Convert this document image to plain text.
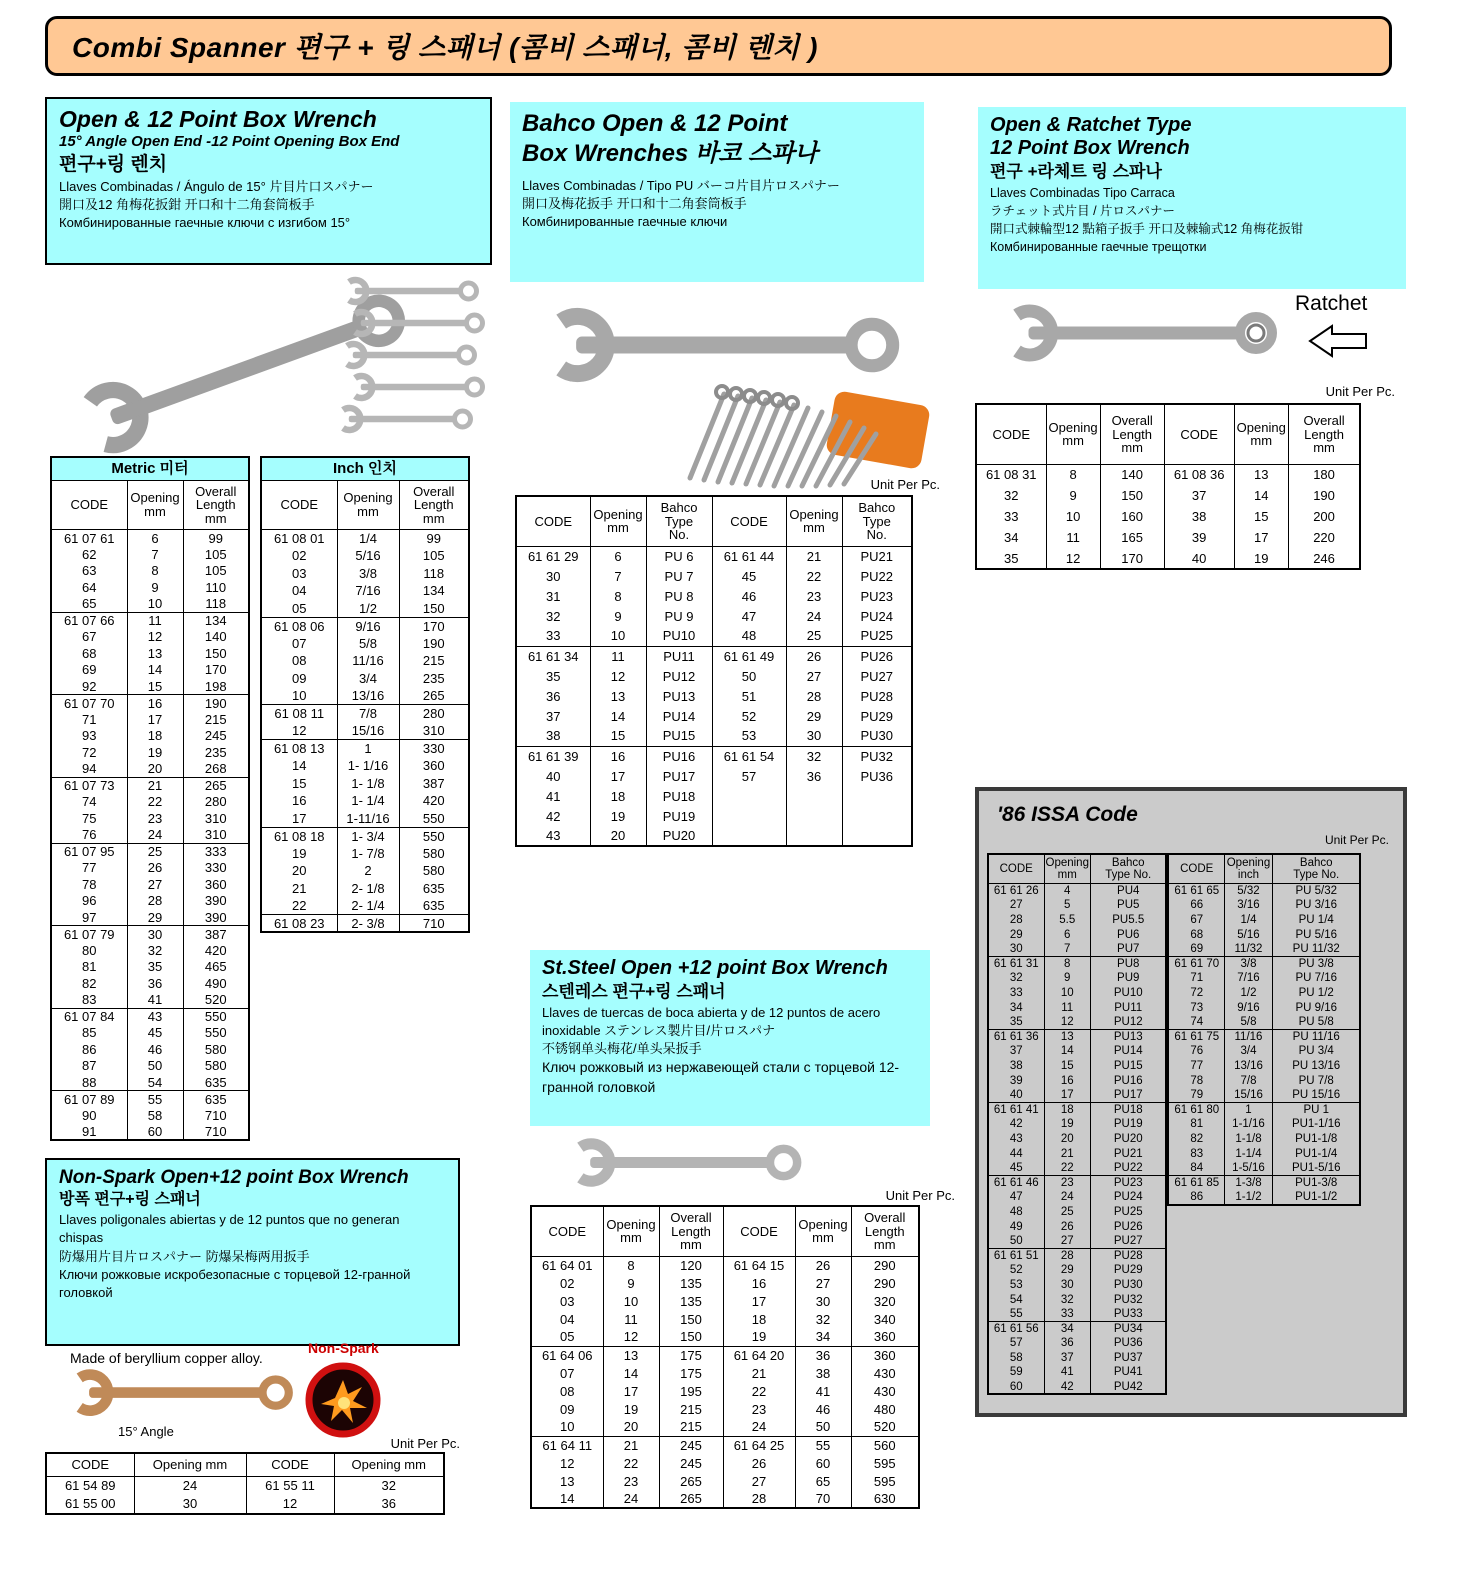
Combi Spanner 편구 + 링 스패너 (콤비 스패너, 콤비 렌치 )
Open & 12 Point Box Wrench
15° Angle Open End -12 Point Opening Box End
편구+링 렌치
Llaves Combinadas / Ángulo de 15° 片目片口スパナー
開口及12 角梅花扳鉗 开口和十二角套筒板手
Комбинированные гаечные ключи с изгибом 15°
Metric 미터		
CODE	Opening
mm	Overall
Length
mm
61 07 61	6	99
62	7	105
63	8	105
64	9	110
65	10	118
61 07 66	11	134
67	12	140
68	13	150
69	14	170
92	15	198
61 07 70	16	190
71	17	215
93	18	245
72	19	235
94	20	268
61 07 73	21	265
74	22	280
75	23	310
76	24	310
61 07 95	25	333
77	26	330
78	27	360
96	28	390
97	29	390
61 07 79	30	387
80	32	420
81	35	465
82	36	490
83	41	520
61 07 84	43	550
85	45	550
86	46	580
87	50	580
88	54	635
61 07 89	55	635
90	58	710
91	60	710
Inch 인치		
CODE	Opening
mm	Overall
Length
mm
61 08 01	1/4	99
02	5/16	105
03	3/8	118
04	7/16	134
05	1/2	150
61 08 06	9/16	170
07	5/8	190
08	11/16	215
09	3/4	235
10	13/16	265
61 08 11	7/8	280
12	15/16	310
61 08 13	1	330
14	1- 1/16	360
15	1- 1/8	387
16	1- 1/4	420
17	1-11/16	550
61 08 18	1- 3/4	550
19	1- 7/8	580
20	2	580
21	2- 1/8	635
22	2- 1/4	635
61 08 23	2- 3/8	710
Bahco Open & 12 Point
Box Wrenches 바코 스파나
Llaves Combinadas / Tipo PU バーコ片目片ロスパナー
開口及梅花扳手 开口和十二角套筒板手
Комбинированные гаечные ключи
Unit Per Pc.
CODE	Opening
mm	Bahco
Type
No.	CODE	Opening
mm	Bahco
Type
No.
61 61 29	6	PU 6	61 61 44	21	PU21
30	7	PU 7	45	22	PU22
31	8	PU 8	46	23	PU23
32	9	PU 9	47	24	PU24
33	10	PU10	48	25	PU25
61 61 34	11	PU11	61 61 49	26	PU26
35	12	PU12	50	27	PU27
36	13	PU13	51	28	PU28
37	14	PU14	52	29	PU29
38	15	PU15	53	30	PU30
61 61 39	16	PU16	61 61 54	32	PU32
40	17	PU17	57	36	PU36
41	18	PU18			
42	19	PU19			
43	20	PU20			
Open & Ratchet Type
12 Point Box Wrench
편구 +라체트 링 스파나
Llaves Combinadas Tipo Carraca
ラチェット式片目 / 片ロスパナー
開口式棘輪型12 點箱子扳手 开口及棘输式12 角梅花扳钳
Комбинированные гаечные трещотки
Ratchet
Unit Per Pc.
CODE	Opening
mm	Overall
Length
mm	CODE	Opening
mm	Overall
Length
mm
61 08 31	8	140	61 08 36	13	180
32	9	150	37	14	190
33	10	160	38	15	200
34	11	165	39	17	220
35	12	170	40	19	246
'86 ISSA Code
Unit Per Pc.
CODE	Opening
mm	Bahco
Type No.
61 61 26	4	PU4
27	5	PU5
28	5.5	PU5.5
29	6	PU6
30	7	PU7
61 61 31	8	PU8
32	9	PU9
33	10	PU10
34	11	PU11
35	12	PU12
61 61 36	13	PU13
37	14	PU14
38	15	PU15
39	16	PU16
40	17	PU17
61 61 41	18	PU18
42	19	PU19
43	20	PU20
44	21	PU21
45	22	PU22
61 61 46	23	PU23
47	24	PU24
48	25	PU25
49	26	PU26
50	27	PU27
61 61 51	28	PU28
52	29	PU29
53	30	PU30
54	32	PU32
55	33	PU33
61 61 56	34	PU34
57	36	PU36
58	37	PU37
59	41	PU41
60	42	PU42
CODE	Opening
inch	Bahco
Type No.
61 61 65	5/32	PU 5/32
66	3/16	PU 3/16
67	1/4	PU 1/4
68	5/16	PU 5/16
69	11/32	PU 11/32
61 61 70	3/8	PU 3/8
71	7/16	PU 7/16
72	1/2	PU 1/2
73	9/16	PU 9/16
74	5/8	PU 5/8
61 61 75	11/16	PU 11/16
76	3/4	PU 3/4
77	13/16	PU 13/16
78	7/8	PU 7/8
79	15/16	PU 15/16
61 61 80	1	PU 1
81	1-1/16	PU1-1/16
82	1-1/8	PU1-1/8
83	1-1/4	PU1-1/4
84	1-5/16	PU1-5/16
61 61 85	1-3/8	PU1-3/8
86	1-1/2	PU1-1/2
St.Steel Open +12 point Box Wrench
스텐레스 편구+링 스패너
Llaves de tuercas de boca abierta y de 12 puntos de acero inoxidable ステンレス製片目/片ロスパナ
不锈钢单头梅花/单头呆扳手
Ключ рожковый из нержавеющей стали с торцевой 12-гранной головкой
Unit Per Pc.
CODE	Opening
mm	Overall
Length
mm	CODE	Opening
mm	Overall
Length
mm
61 64 01	8	120	61 64 15	26	290
02	9	135	16	27	290
03	10	135	17	30	320
04	11	150	18	32	340
05	12	150	19	34	360
61 64 06	13	175	61 64 20	36	360
07	14	175	21	38	430
08	17	195	22	41	430
09	19	215	23	46	480
10	20	215	24	50	520
61 64 11	21	245	61 64 25	55	560
12	22	245	26	60	595
13	23	265	27	65	595
14	24	265	28	70	630
Non-Spark Open+12 point Box Wrench
방폭 편구+링 스패너
Llaves poligonales abiertas y de 12 puntos que no generan chispas
防爆用片目片ロスパナー 防爆呆梅两用扳手
Ключи рожковые искробезопасные с торцевой 12-гранной головкой
Made of beryllium copper alloy.
Non-Spark
15° Angle
Unit Per Pc.
CODE	Opening mm	CODE	Opening mm
61 54 89	24	61 55 11	32
61 55 00	30	12	36
